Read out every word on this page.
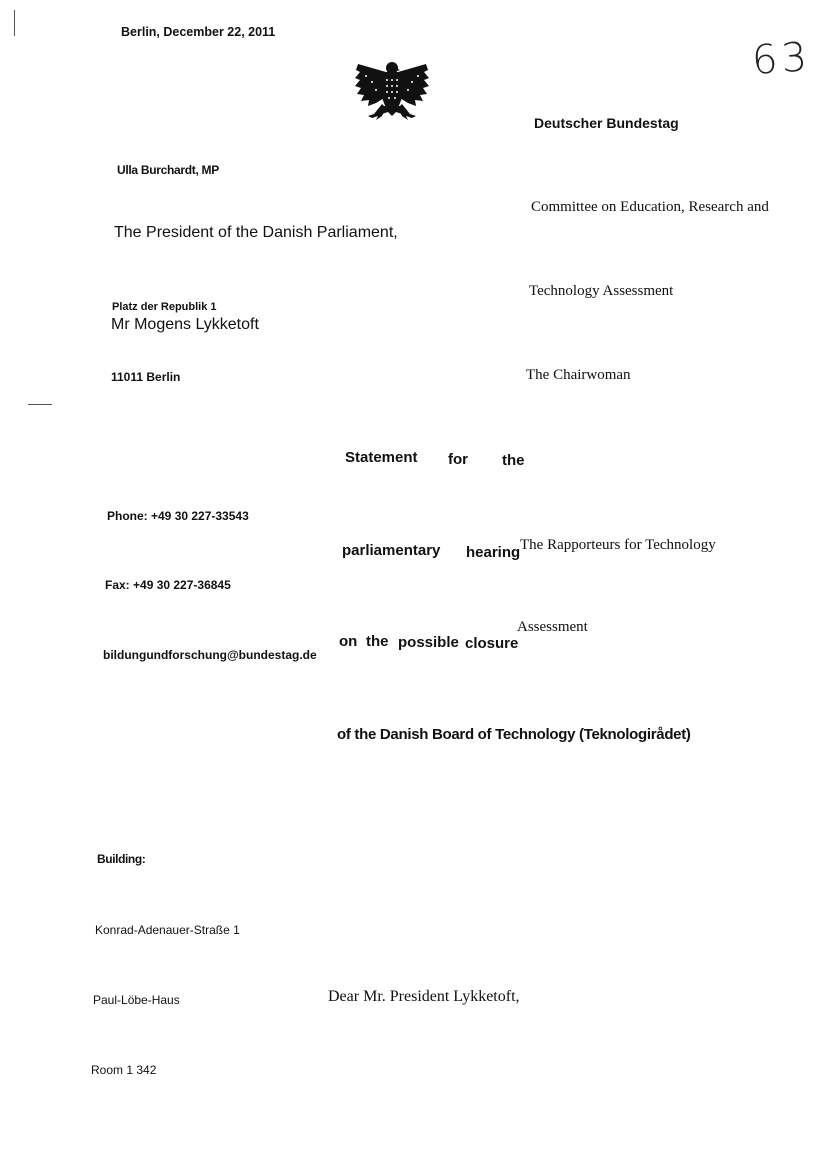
Berlin, December 22, 2011
63
Deutscher Bundestag
Committee on Education, Research and
Technology Assessment
The Chairwoman
Ulla Burchardt, MP
The President of the Danish Parliament,
Platz der Republik 1
Mr Mogens Lykketoft
11011 Berlin
Statement for the
Phone: +49 30 227-33543
parliamentary hearing The Rapporteurs for Technology
Fax: +49 30 227-36845
Assessment
on the possible closure
bildungundforschung@bundestag.de
of the Danish Board of Technology (Teknologirådet)
Building:
Konrad-Adenauer-Straße 1
Paul-Löbe-Haus	Dear Mr. President Lykketoft,
Room 1 342
